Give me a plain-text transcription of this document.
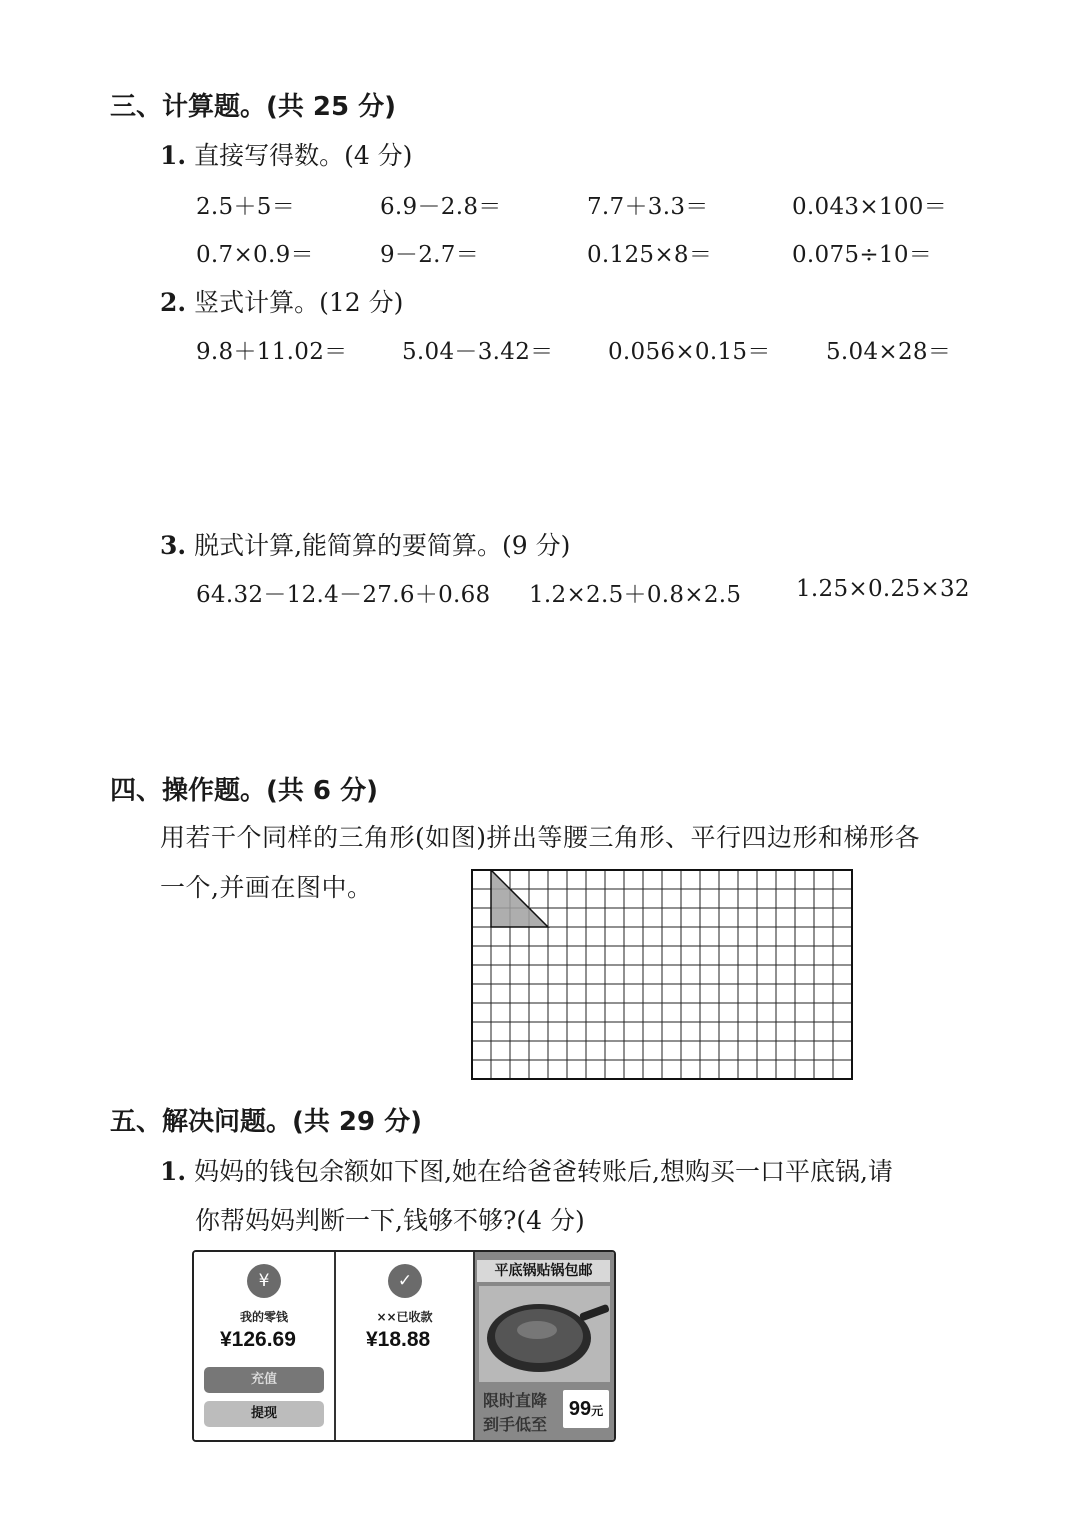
三、计算题。(共 25 分)
1. 直接写得数。(4 分)
2.5＋5＝	6.9－2.8＝	7.7＋3.3＝	0.043×100＝
0.7×0.9＝	9－2.7＝	0.125×8＝	0.075÷10＝
2. 竖式计算。(12 分)
9.8＋11.02＝ 5.04－3.42＝ 0.056×0.15＝ 5.04×28＝
3. 脱式计算,能简算的要简算。(9 分)
64.32－12.4－27.6＋0.68 1.2×2.5＋0.8×2.5 1.25×0.25×32
四、操作题。(共 6 分)
用若干个同样的三角形(如图)拼出等腰三角形、平行四边形和梯形各
一个,并画在图中。
五、解决问题。(共 29 分)
1. 妈妈的钱包余额如下图,她在给爸爸转账后,想购买一口平底锅,请
你帮妈妈判断一下,钱够不够?(4 分)
¥
我的零钱
¥126.69
充值
提现
✓
××已收款
¥18.88
平底锅贴锅包邮
限时直降
到手低至
99元
